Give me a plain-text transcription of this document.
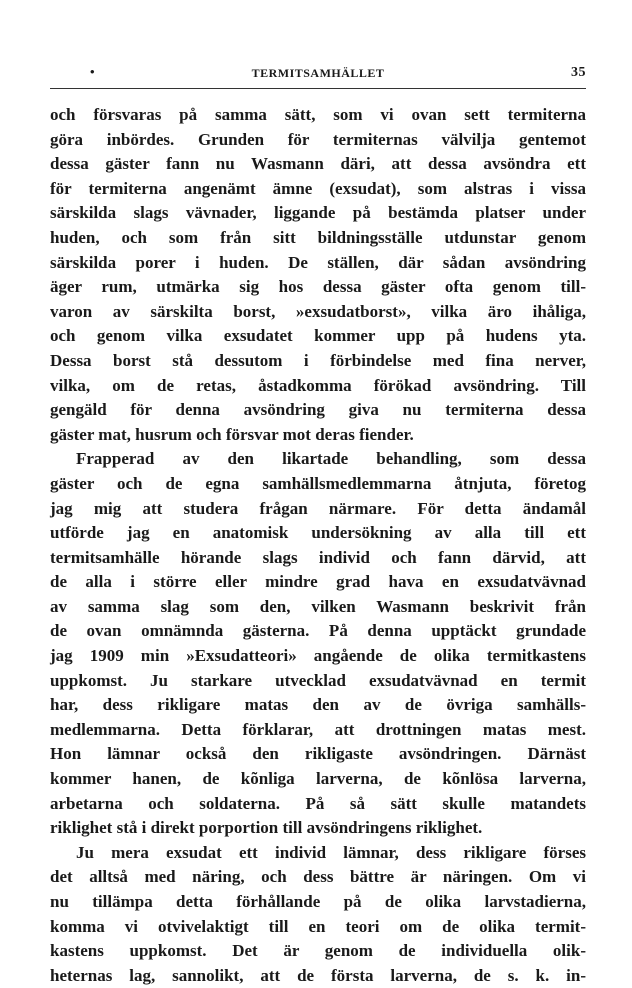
•	TERMITSAMHÄLLET	35
och försvaras på samma sätt, som vi ovan sett termiterna
göra inbördes. Grunden för termiternas välvilja gentemot
dessa gäster fann nu Wasmann däri, att dessa avsöndra ett
för termiterna angenämt ämne (exsudat), som alstras i vissa
särskilda slags vävnader, liggande på bestämda platser under
huden, och som från sitt bildningsställe utdunstar genom
särskilda porer i huden. De ställen, där sådan avsöndring
äger rum, utmärka sig hos dessa gäster ofta genom till-
varon av särskilta borst, »exsudatborst», vilka äro ihåliga,
och genom vilka exsudatet kommer upp på hudens yta.
Dessa borst stå dessutom i förbindelse med fina nerver,
vilka, om de retas, åstadkomma förökad avsöndring. Till
gengäld för denna avsöndring giva nu termiterna dessa
gäster mat, husrum och försvar mot deras fiender.
Frapperad av den likartade behandling, som dessa
gäster och de egna samhällsmedlemmarna åtnjuta, företog
jag mig att studera frågan närmare. För detta ändamål
utförde jag en anatomisk undersökning av alla till ett
termitsamhälle hörande slags individ och fann därvid, att
de alla i större eller mindre grad hava en exsudatvävnad
av samma slag som den, vilken Wasmann beskrivit från
de ovan omnämnda gästerna. På denna upptäckt grundade
jag 1909 min »Exsudatteori» angående de olika termitkastens
uppkomst. Ju starkare utvecklad exsudatvävnad en termit
har, dess rikligare matas den av de övriga samhälls-
medlemmarna. Detta förklarar, att drottningen matas mest.
Hon lämnar också den rikligaste avsöndringen. Därnäst
kommer hanen, de kõnliga larverna, de kõnlösa larverna,
arbetarna och soldaterna. På så sätt skulle matandets
riklighet stå i direkt porportion till avsöndringens riklighet.
Ju mera exsudat ett individ lämnar, dess rikligare förses
det alltså med näring, och dess bättre är näringen. Om vi
nu tillämpa detta förhållande på de olika larvstadierna,
komma vi otvivelaktigt till en teori om de olika termit-
kastens uppkomst. Det är genom de individuella olik-
heternas lag, sannolikt, att de första larverna, de s. k. in-
